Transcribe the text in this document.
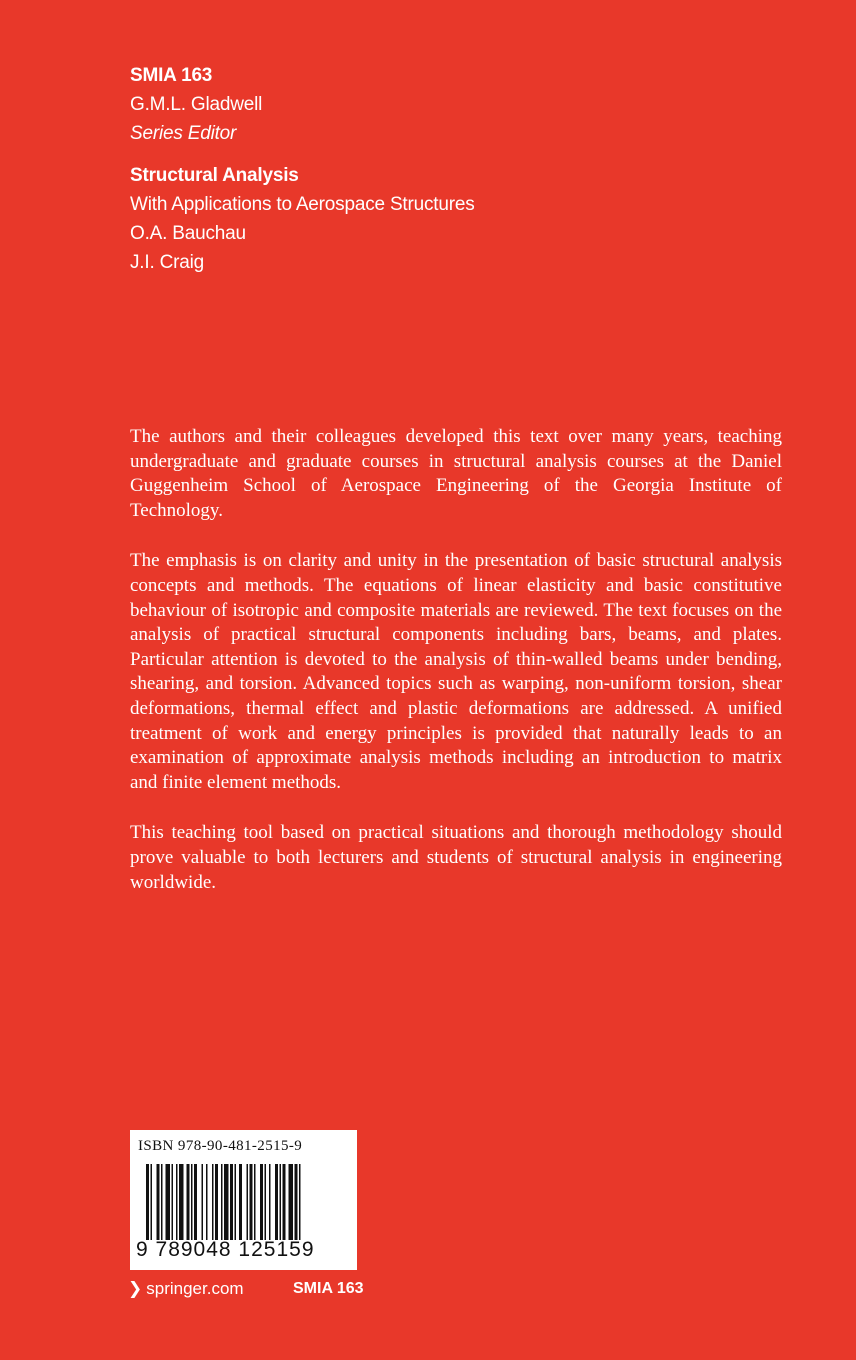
SMIA 163
G.M.L. Gladwell
Series Editor
Structural Analysis
With Applications to Aerospace Structures
O.A. Bauchau
J.I. Craig

The authors and their colleagues developed this text over many years, teaching undergraduate and graduate courses in structural analysis courses at the Daniel Guggenheim School of Aerospace Engineering of the Georgia Institute of Technology.

The emphasis is on clarity and unity in the presentation of basic structural analysis concepts and methods. The equations of linear elasticity and basic constitutive behaviour of isotropic and composite materials are reviewed. The text focuses on the analysis of practical structural components including bars, beams, and plates. Particular attention is devoted to the analysis of thin-walled beams under bending, shearing, and torsion. Advanced topics such as warping, non-uniform torsion, shear deformations, thermal effect and plastic deformations are addressed. A unified treatment of work and energy principles is provided that naturally leads to an examination of approximate analysis methods including an introduction to matrix and finite element methods.

This teaching tool based on practical situations and thorough methodology should prove valuable to both lecturers and students of structural analysis in engineering worldwide.

ISBN 978-90-481-2515-9
9 789048 125159
❯ springer.com	SMIA 163
